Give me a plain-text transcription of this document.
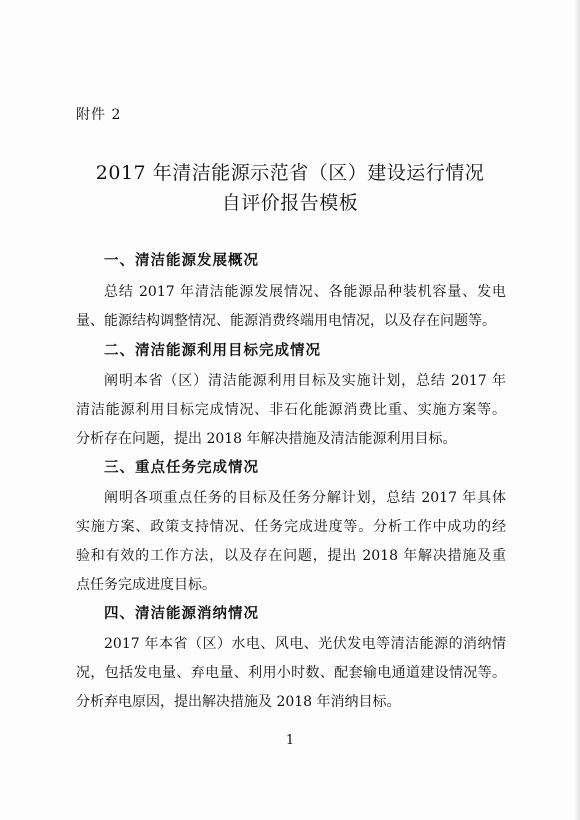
附件 2
2017 年清洁能源示范省（区）建设运行情况
自评价报告模板
一、清洁能源发展概况
总结 2017 年清洁能源发展情况、各能源品种装机容量、发电
量、能源结构调整情况、能源消费终端用电情况，以及存在问题等。
二、清洁能源利用目标完成情况
阐明本省（区）清洁能源利用目标及实施计划，总结 2017 年
清洁能源利用目标完成情况、非石化能源消费比重、实施方案等。
分析存在问题，提出 2018 年解决措施及清洁能源利用目标。
三、重点任务完成情况
阐明各项重点任务的目标及任务分解计划，总结 2017 年具体
实施方案、政策支持情况、任务完成进度等。分析工作中成功的经
验和有效的工作方法，以及存在问题，提出 2018 年解决措施及重
点任务完成进度目标。
四、清洁能源消纳情况
2017 年本省（区）水电、风电、光伏发电等清洁能源的消纳情
况，包括发电量、弃电量、利用小时数、配套输电通道建设情况等。
分析弃电原因，提出解决措施及 2018 年消纳目标。
1
